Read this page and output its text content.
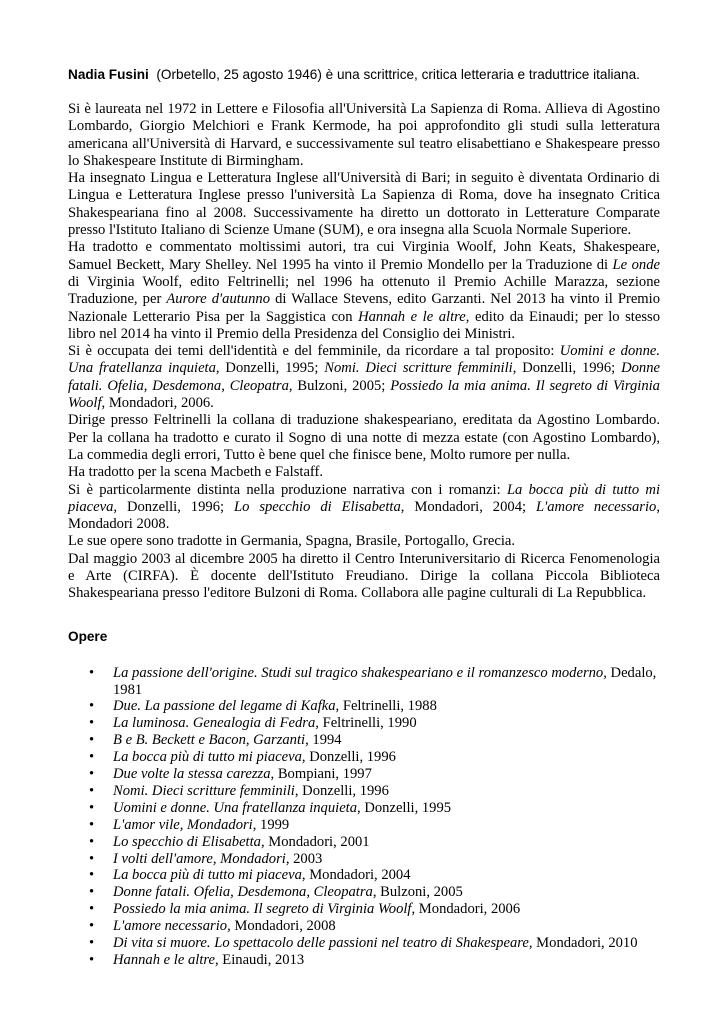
Nadia Fusini (Orbetello, 25 agosto 1946) è una scrittrice, critica letteraria e traduttrice italiana.

Si è laureata nel 1972 in Lettere e Filosofia all'Università La Sapienza di Roma. Allieva di Agostino Lombardo, Giorgio Melchiori e Frank Kermode, ha poi approfondito gli studi sulla letteratura americana all'Università di Harvard, e successivamente sul teatro elisabettiano e Shakespeare presso lo Shakespeare Institute di Birmingham.

Ha insegnato Lingua e Letteratura Inglese all'Università di Bari; in seguito è diventata Ordinario di Lingua e Letteratura Inglese presso l'università La Sapienza di Roma, dove ha insegnato Critica Shakespeariana fino al 2008. Successivamente ha diretto un dottorato in Letterature Comparate presso l'Istituto Italiano di Scienze Umane (SUM), e ora insegna alla Scuola Normale Superiore.

Ha tradotto e commentato moltissimi autori, tra cui Virginia Woolf, John Keats, Shakespeare, Samuel Beckett, Mary Shelley. Nel 1995 ha vinto il Premio Mondello per la Traduzione di Le onde di Virginia Woolf, edito Feltrinelli; nel 1996 ha ottenuto il Premio Achille Marazza, sezione Traduzione, per Aurore d'autunno di Wallace Stevens, edito Garzanti. Nel 2013 ha vinto il Premio Nazionale Letterario Pisa per la Saggistica con Hannah e le altre, edito da Einaudi; per lo stesso libro nel 2014 ha vinto il Premio della Presidenza del Consiglio dei Ministri.

Si è occupata dei temi dell'identità e del femminile, da ricordare a tal proposito: Uomini e donne. Una fratellanza inquieta, Donzelli, 1995; Nomi. Dieci scritture femminili, Donzelli, 1996; Donne fatali. Ofelia, Desdemona, Cleopatra, Bulzoni, 2005; Possiedo la mia anima. Il segreto di Virginia Woolf, Mondadori, 2006.

Dirige presso Feltrinelli la collana di traduzione shakespeariano, ereditata da Agostino Lombardo. Per la collana ha tradotto e curato il Sogno di una notte di mezza estate (con Agostino Lombardo), La commedia degli errori, Tutto è bene quel che finisce bene, Molto rumore per nulla.

Ha tradotto per la scena Macbeth e Falstaff.

Si è particolarmente distinta nella produzione narrativa con i romanzi: La bocca più di tutto mi piaceva, Donzelli, 1996; Lo specchio di Elisabetta, Mondadori, 2004; L'amore necessario, Mondadori 2008.

Le sue opere sono tradotte in Germania, Spagna, Brasile, Portogallo, Grecia.

Dal maggio 2003 al dicembre 2005 ha diretto il Centro Interuniversitario di Ricerca Fenomenologia e Arte (CIRFA). È docente dell'Istituto Freudiano. Dirige la collana Piccola Biblioteca Shakespeariana presso l'editore Bulzoni di Roma. Collabora alle pagine culturali di La Repubblica.

Opere
• La passione dell'origine. Studi sul tragico shakespeariano e il romanzesco moderno, Dedalo, 1981
• Due. La passione del legame di Kafka, Feltrinelli, 1988
• La luminosa. Genealogia di Fedra, Feltrinelli, 1990
• B e B. Beckett e Bacon, Garzanti, 1994
• La bocca più di tutto mi piaceva, Donzelli, 1996
• Due volte la stessa carezza, Bompiani, 1997
• Nomi. Dieci scritture femminili, Donzelli, 1996
• Uomini e donne. Una fratellanza inquieta, Donzelli, 1995
• L'amor vile, Mondadori, 1999
• Lo specchio di Elisabetta, Mondadori, 2001
• I volti dell'amore, Mondadori, 2003
• La bocca più di tutto mi piaceva, Mondadori, 2004
• Donne fatali. Ofelia, Desdemona, Cleopatra, Bulzoni, 2005
• Possiedo la mia anima. Il segreto di Virginia Woolf, Mondadori, 2006
• L'amore necessario, Mondadori, 2008
• Di vita si muore. Lo spettacolo delle passioni nel teatro di Shakespeare, Mondadori, 2010
• Hannah e le altre, Einaudi, 2013
